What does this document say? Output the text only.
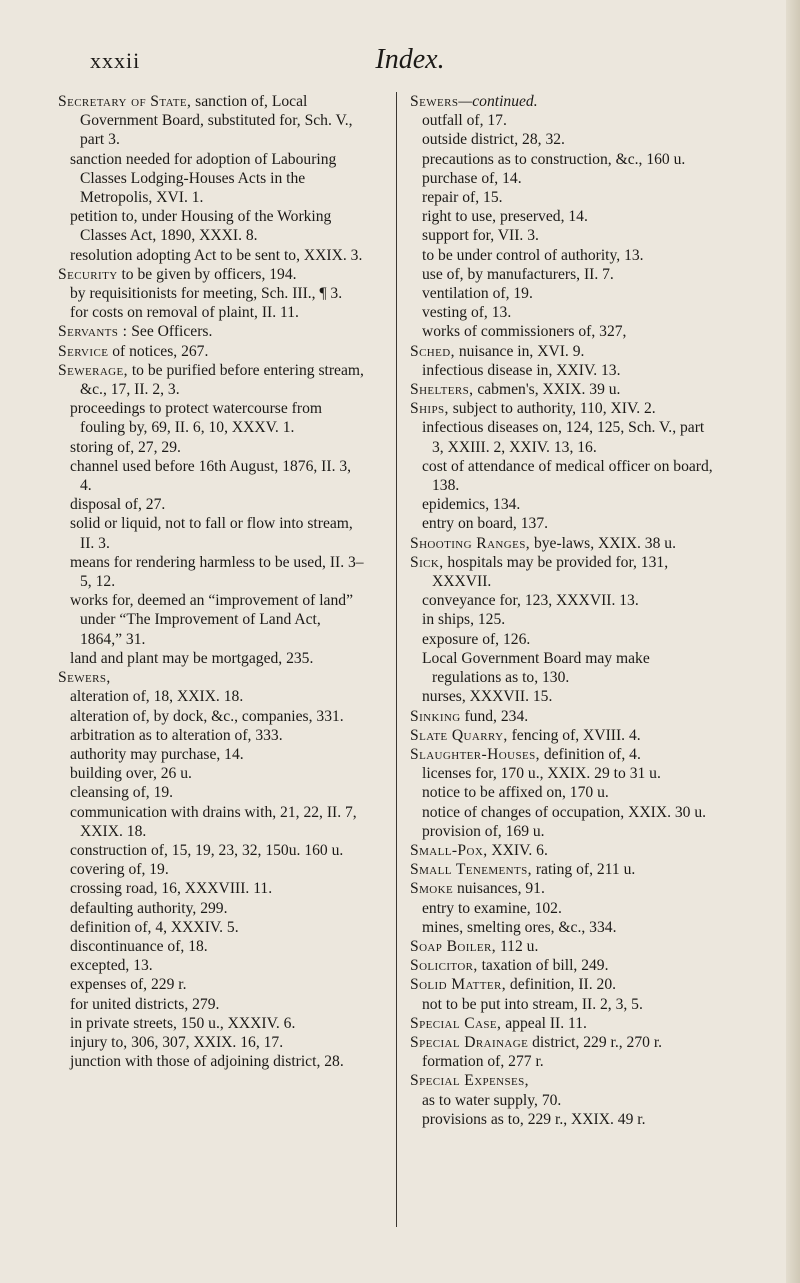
xxxii	Index.

Secretary of State, sanction of, Local Government Board, substituted for, Sch. V., part 3.

sanction needed for adoption of Labouring Classes Lodging-Houses Acts in the Metropolis, XVI. 1.

petition to, under Housing of the Working Classes Act, 1890, XXXI. 8.

resolution adopting Act to be sent to, XXIX. 3.

Security to be given by officers, 194.

by requisitionists for meeting, Sch. III., ¶ 3.

for costs on removal of plaint, II. 11.

Servants : See Officers.

Service of notices, 267.

Sewerage, to be purified before entering stream, &c., 17, II. 2, 3.

proceedings to protect watercourse from fouling by, 69, II. 6, 10, XXXV. 1.

storing of, 27, 29.

channel used before 16th August, 1876, II. 3, 4.

disposal of, 27.

solid or liquid, not to fall or flow into stream, II. 3.

means for rendering harmless to be used, II. 3–5, 12.

works for, deemed an “improvement of land” under “The Improvement of Land Act, 1864,” 31.

land and plant may be mortgaged, 235.

Sewers,

alteration of, 18, XXIX. 18.

alteration of, by dock, &c., companies, 331.

arbitration as to alteration of, 333.

authority may purchase, 14.

building over, 26 u.

cleansing of, 19.

communication with drains with, 21, 22, II. 7, XXIX. 18.

construction of, 15, 19, 23, 32, 150u. 160 u.

covering of, 19.

crossing road, 16, XXXVIII. 11.

defaulting authority, 299.

definition of, 4, XXXIV. 5.

discontinuance of, 18.

excepted, 13.

expenses of, 229 r.

for united districts, 279.

in private streets, 150 u., XXXIV. 6.

injury to, 306, 307, XXIX. 16, 17.

junction with those of adjoining district, 28.

Sewers—continued.

outfall of, 17.

outside district, 28, 32.

precautions as to construction, &c., 160 u.

purchase of, 14.

repair of, 15.

right to use, preserved, 14.

support for, VII. 3.

to be under control of authority, 13.

use of, by manufacturers, II. 7.

ventilation of, 19.

vesting of, 13.

works of commissioners of, 327,

Sched, nuisance in, XVI. 9.

infectious disease in, XXIV. 13.

Shelters, cabmen's, XXIX. 39 u.

Ships, subject to authority, 110, XIV. 2.

infectious diseases on, 124, 125, Sch. V., part 3, XXIII. 2, XXIV. 13, 16.

cost of attendance of medical officer on board, 138.

epidemics, 134.

entry on board, 137.

Shooting Ranges, bye-laws, XXIX. 38 u.

Sick, hospitals may be provided for, 131, XXXVII.

conveyance for, 123, XXXVII. 13.

in ships, 125.

exposure of, 126.

Local Government Board may make regulations as to, 130.

nurses, XXXVII. 15.

Sinking fund, 234.

Slate Quarry, fencing of, XVIII. 4.

Slaughter-Houses, definition of, 4.

licenses for, 170 u., XXIX. 29 to 31 u.

notice to be affixed on, 170 u.

notice of changes of occupation, XXIX. 30 u.

provision of, 169 u.

Small-Pox, XXIV. 6.

Small Tenements, rating of, 211 u.

Smoke nuisances, 91.

entry to examine, 102.

mines, smelting ores, &c., 334.

Soap Boiler, 112 u.

Solicitor, taxation of bill, 249.

Solid Matter, definition, II. 20.

not to be put into stream, II. 2, 3, 5.

Special Case, appeal II. 11.

Special Drainage district, 229 r., 270 r.

formation of, 277 r.

Special Expenses,

as to water supply, 70.

provisions as to, 229 r., XXIX. 49 r.
